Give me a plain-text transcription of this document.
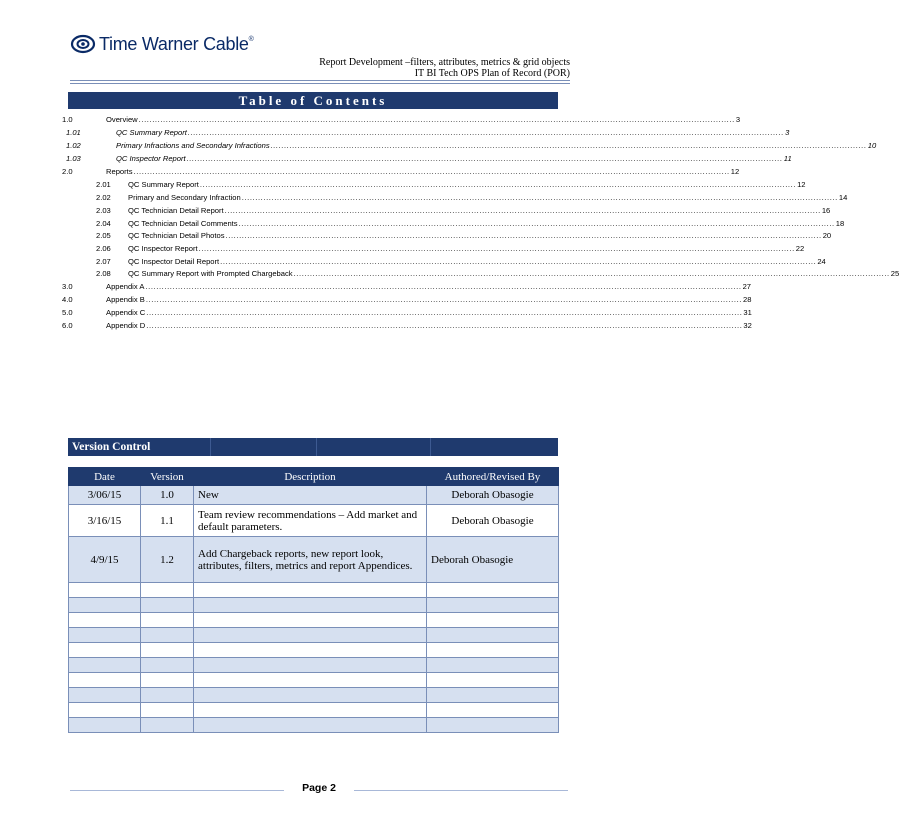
Time Warner Cable®
Report Development –filters, attributes, metrics & grid objects
IT BI Tech OPS Plan of Record (POR)
Table of Contents
1.0	Overview ............................................................................................................................................................................................................................ 3
1.01	QC Summary Report ............................................................................................................................................................................................................................ 3
1.02	Primary Infractions and Secondary Infractions ............................................................................................................................................................................................................................ 10
1.03	QC Inspector Report ............................................................................................................................................................................................................................ 11
2.0	Reports ............................................................................................................................................................................................................................ 12
2.01	QC Summary Report ............................................................................................................................................................................................................................ 12
2.02	Primary and Secondary Infraction ............................................................................................................................................................................................................................ 14
2.03	QC Technician Detail Report ............................................................................................................................................................................................................................ 16
2.04	QC Technician Detail Comments ............................................................................................................................................................................................................................ 18
2.05	QC Technician Detail Photos ............................................................................................................................................................................................................................ 20
2.06	QC Inspector Report ............................................................................................................................................................................................................................ 22
2.07	QC Inspector Detail Report ............................................................................................................................................................................................................................ 24
2.08	QC Summary Report with Prompted Chargeback ............................................................................................................................................................................................................................ 25
3.0	Appendix A ............................................................................................................................................................................................................................ 27
4.0	Appendix B ............................................................................................................................................................................................................................ 28
5.0	Appendix C ............................................................................................................................................................................................................................ 31
6.0	Appendix D ............................................................................................................................................................................................................................ 32
Version Control
Date	Version	Description	Authored/Revised By
3/06/15	1.0	New	Deborah Obasogie
3/16/15	1.1	Team review recommendations – Add market and default parameters.	Deborah Obasogie
4/9/15	1.2	Add Chargeback reports, new report look, attributes, filters, metrics and report Appendices.	Deborah Obasogie

Page 2
